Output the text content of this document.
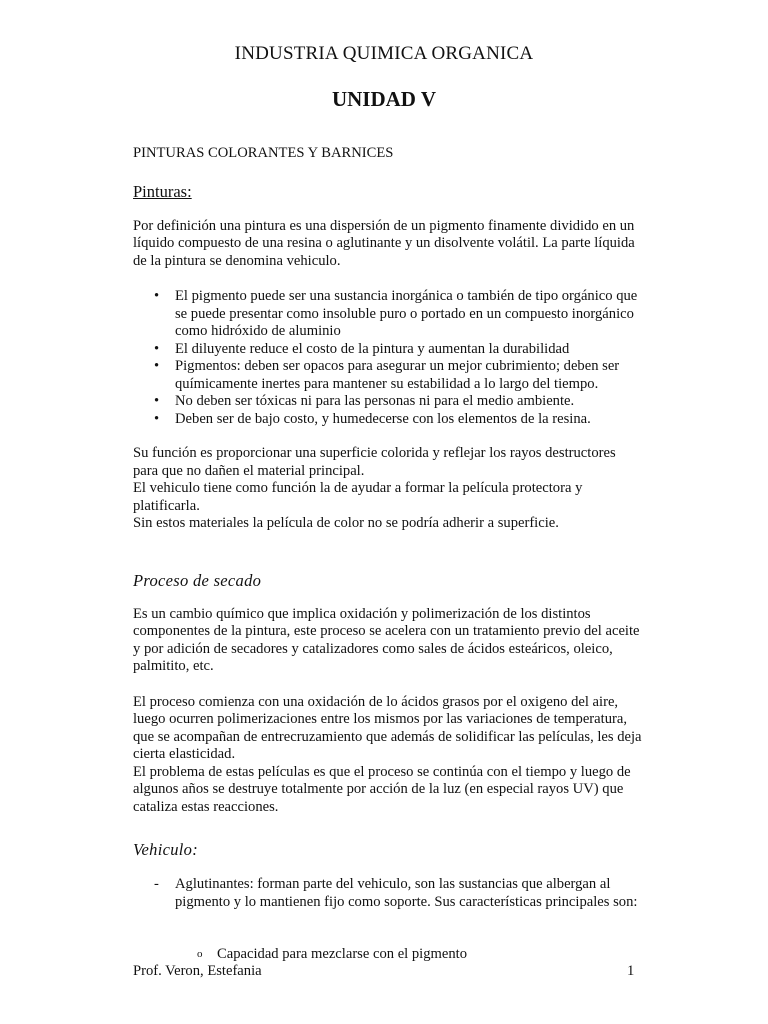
INDUSTRIA QUIMICA ORGANICA
UNIDAD V
PINTURAS COLORANTES Y BARNICES
Pinturas:

Por definición una pintura es una dispersión de un pigmento finamente dividido en un líquido compuesto de una resina o aglutinante y un disolvente volátil. La parte líquida de la pintura se denomina vehiculo.

• El pigmento puede ser una sustancia inorgánica o también de tipo orgánico que se puede presentar como insoluble puro o portado en un compuesto inorgánico como hidróxido de aluminio
• El diluyente reduce el costo de la pintura y aumentan la durabilidad
• Pigmentos: deben ser opacos para asegurar un mejor cubrimiento; deben ser químicamente inertes para mantener su estabilidad a lo largo del tiempo.
• No deben ser tóxicas ni para las personas ni para el medio ambiente.
• Deben ser de bajo costo, y humedecerse con los elementos de la resina.

Su función es proporcionar una superficie colorida y reflejar los rayos destructores para que no dañen el material principal.

El vehiculo tiene como función la de ayudar a formar la película protectora y platificarla.

Sin estos materiales la película de color no se podría adherir a superficie.

Proceso de secado

Es un cambio químico que implica oxidación y polimerización de los distintos componentes de la pintura, este proceso se acelera con un tratamiento previo del aceite y por adición de secadores y catalizadores como sales de ácidos esteáricos, oleico, palmitito, etc.

El proceso comienza con una oxidación de lo ácidos grasos por el oxigeno del aire, luego ocurren polimerizaciones entre los mismos por las variaciones de temperatura, que se acompañan de entrecruzamiento que además de solidificar las películas, les deja cierta elasticidad.
El problema de estas películas es que el proceso se continúa con el tiempo y luego de algunos años se destruye totalmente por acción de la luz (en especial rayos UV) que cataliza estas reacciones.
Vehiculo:
- Aglutinantes: forman parte del vehiculo, son las sustancias que albergan al pigmento y lo mantienen fijo como soporte. Sus características principales son:
o Capacidad para mezclarse con el pigmento
Prof. Veron, Estefania	1
